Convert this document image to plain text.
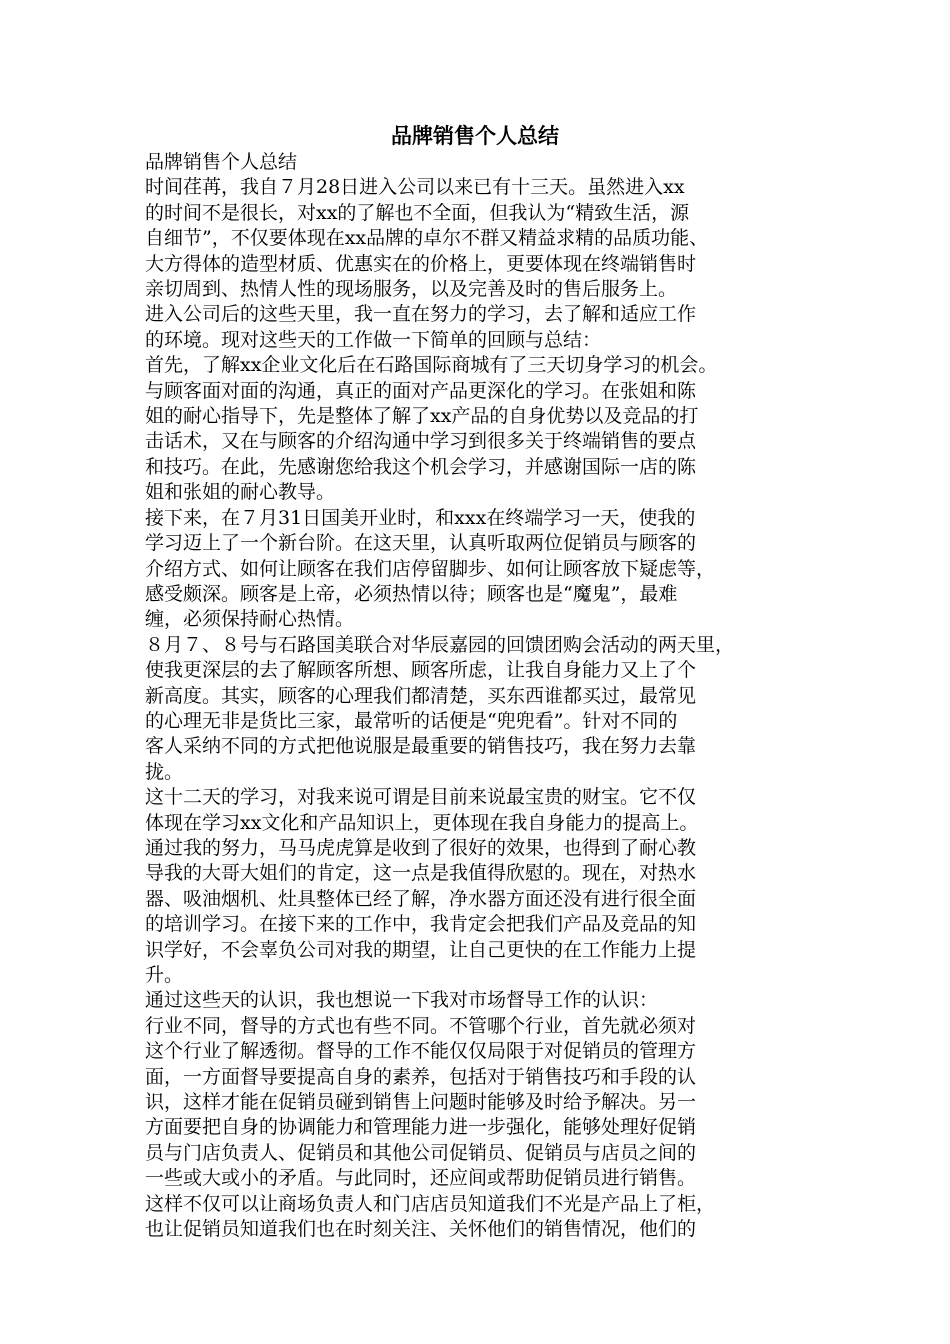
品牌销售个人总结
品牌销售个人总结
时间荏苒，我自７月28日进入公司以来已有十三天。虽然进入xx
的时间不是很长，对xx的了解也不全面，但我认为“精致生活，源
自细节”，不仅要体现在xx品牌的卓尔不群又精益求精的品质功能、
大方得体的造型材质、优惠实在的价格上，更要体现在终端销售时
亲切周到、热情人性的现场服务，以及完善及时的售后服务上。
进入公司后的这些天里，我一直在努力的学习，去了解和适应工作
的环境。现对这些天的工作做一下简单的回顾与总结：
首先，了解xx企业文化后在石路国际商城有了三天切身学习的机会。
与顾客面对面的沟通，真正的面对产品更深化的学习。在张姐和陈
姐的耐心指导下，先是整体了解了xx产品的自身优势以及竞品的打
击话术，又在与顾客的介绍沟通中学习到很多关于终端销售的要点
和技巧。在此，先感谢您给我这个机会学习，并感谢国际一店的陈
姐和张姐的耐心教导。
接下来，在７月31日国美开业时，和xxx在终端学习一天，使我的
学习迈上了一个新台阶。在这天里，认真听取两位促销员与顾客的
介绍方式、如何让顾客在我们店停留脚步、如何让顾客放下疑虑等，
感受颇深。顾客是上帝，必须热情以待；顾客也是“魔鬼”，最难
缠，必须保持耐心热情。
８月７、８号与石路国美联合对华辰嘉园的回馈团购会活动的两天里，
使我更深层的去了解顾客所想、顾客所虑，让我自身能力又上了个
新高度。其实，顾客的心理我们都清楚，买东西谁都买过，最常见
的心理无非是货比三家，最常听的话便是“兜兜看”。针对不同的
客人采纳不同的方式把他说服是最重要的销售技巧，我在努力去靠
拢。
这十二天的学习，对我来说可谓是目前来说最宝贵的财宝。它不仅
体现在学习xx文化和产品知识上，更体现在我自身能力的提高上。
通过我的努力，马马虎虎算是收到了很好的效果，也得到了耐心教
导我的大哥大姐们的肯定，这一点是我值得欣慰的。现在，对热水
器、吸油烟机、灶具整体已经了解，净水器方面还没有进行很全面
的培训学习。在接下来的工作中，我肯定会把我们产品及竞品的知
识学好，不会辜负公司对我的期望，让自己更快的在工作能力上提
升。
通过这些天的认识，我也想说一下我对市场督导工作的认识：
行业不同，督导的方式也有些不同。不管哪个行业，首先就必须对
这个行业了解透彻。督导的工作不能仅仅局限于对促销员的管理方
面，一方面督导要提高自身的素养，包括对于销售技巧和手段的认
识，这样才能在促销员碰到销售上问题时能够及时给予解决。另一
方面要把自身的协调能力和管理能力进一步强化，能够处理好促销
员与门店负责人、促销员和其他公司促销员、促销员与店员之间的
一些或大或小的矛盾。与此同时，还应间或帮助促销员进行销售。
这样不仅可以让商场负责人和门店店员知道我们不光是产品上了柜，
也让促销员知道我们也在时刻关注、关怀他们的销售情况，他们的
